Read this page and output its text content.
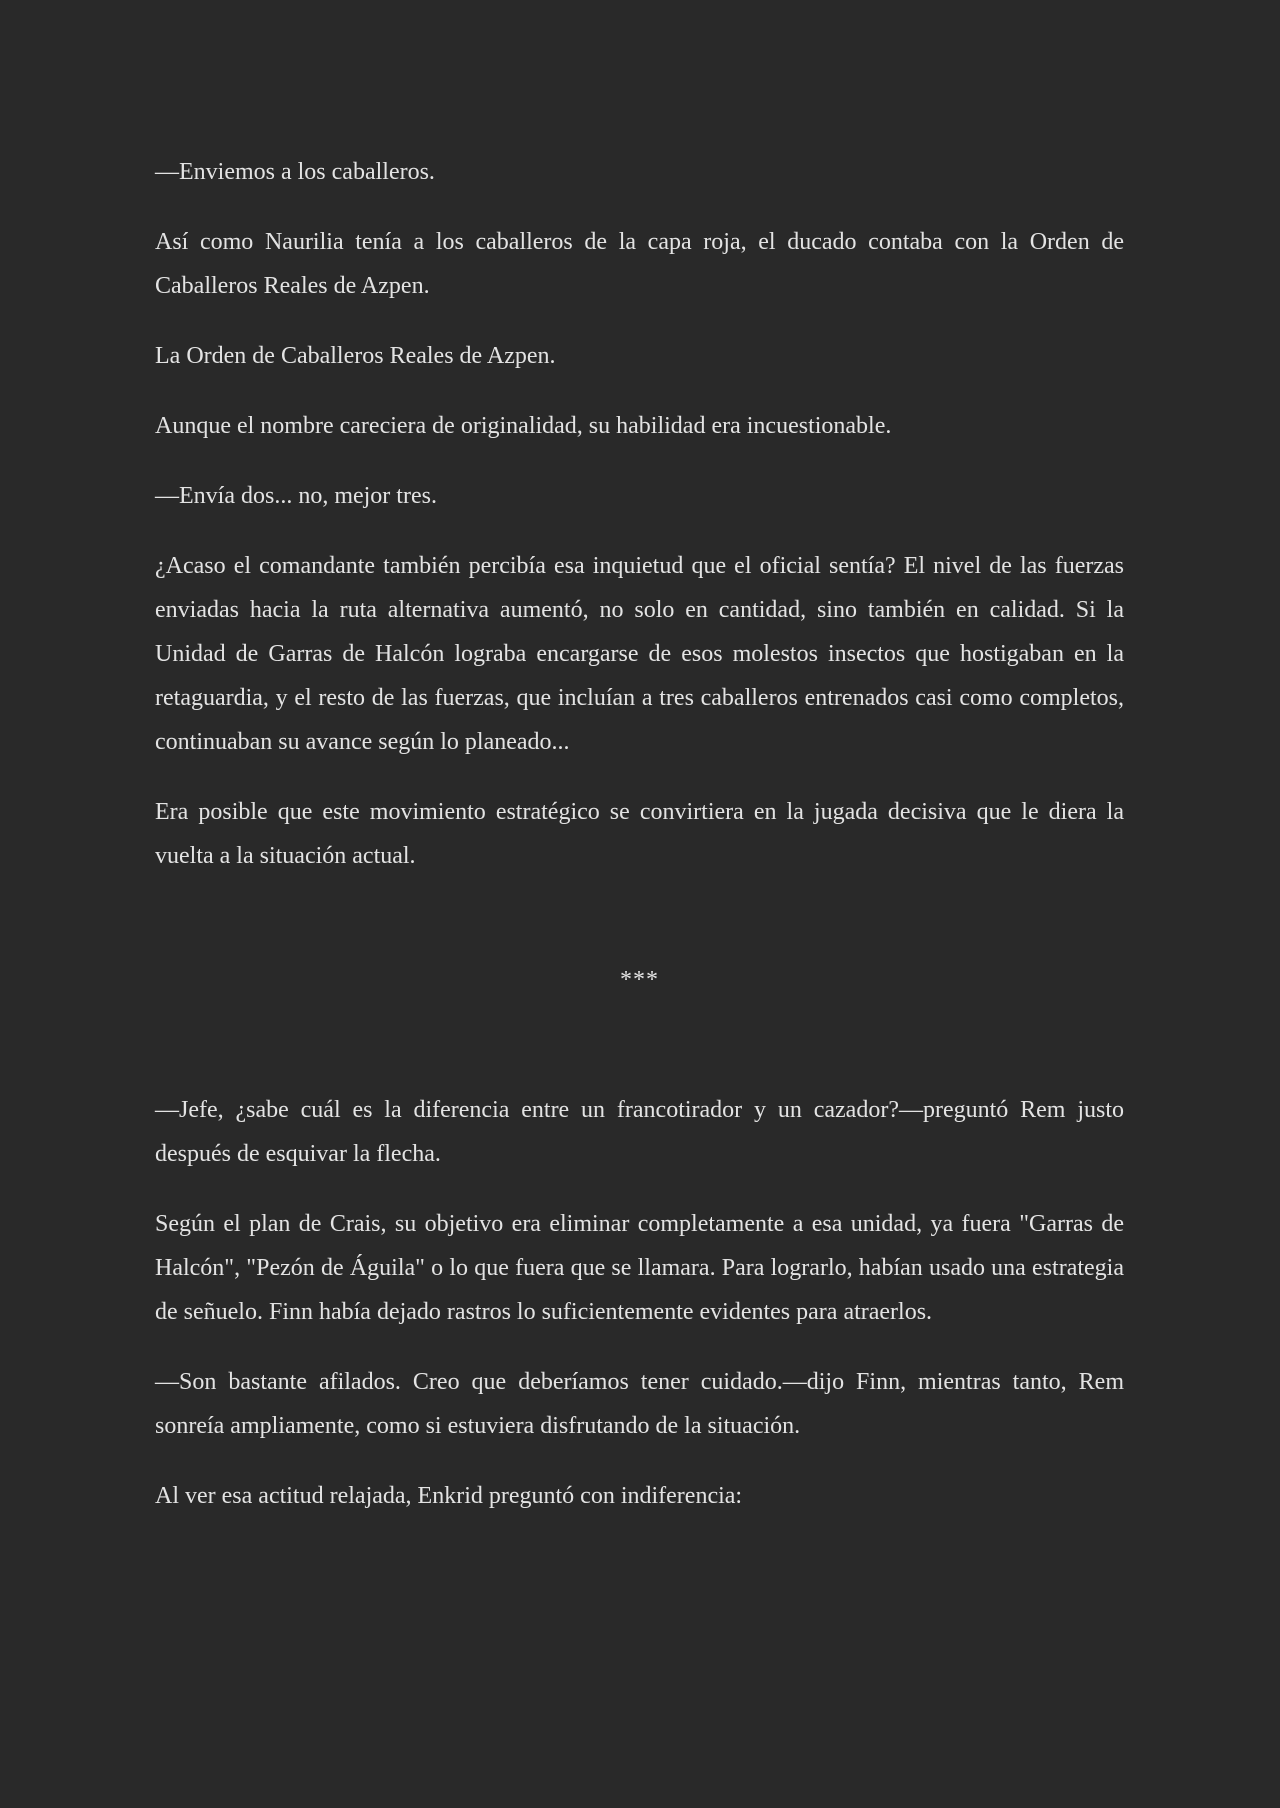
—Enviemos a los caballeros.

Así como Naurilia tenía a los caballeros de la capa roja, el ducado contaba con la Orden de Caballeros Reales de Azpen.

La Orden de Caballeros Reales de Azpen.

Aunque el nombre careciera de originalidad, su habilidad era incuestionable.

—Envía dos... no, mejor tres.

¿Acaso el comandante también percibía esa inquietud que el oficial sentía? El nivel de las fuerzas enviadas hacia la ruta alternativa aumentó, no solo en cantidad, sino también en calidad. Si la Unidad de Garras de Halcón lograba encargarse de esos molestos insectos que hostigaban en la retaguardia, y el resto de las fuerzas, que incluían a tres caballeros entrenados casi como completos, continuaban su avance según lo planeado...

Era posible que este movimiento estratégico se convirtiera en la jugada decisiva que le diera la vuelta a la situación actual.

***

—Jefe, ¿sabe cuál es la diferencia entre un francotirador y un cazador?—preguntó Rem justo después de esquivar la flecha.

Según el plan de Crais, su objetivo era eliminar completamente a esa unidad, ya fuera "Garras de Halcón", "Pezón de Águila" o lo que fuera que se llamara. Para lograrlo, habían usado una estrategia de señuelo. Finn había dejado rastros lo suficientemente evidentes para atraerlos.

—Son bastante afilados. Creo que deberíamos tener cuidado.—dijo Finn, mientras tanto, Rem sonreía ampliamente, como si estuviera disfrutando de la situación.

Al ver esa actitud relajada, Enkrid preguntó con indiferencia:
